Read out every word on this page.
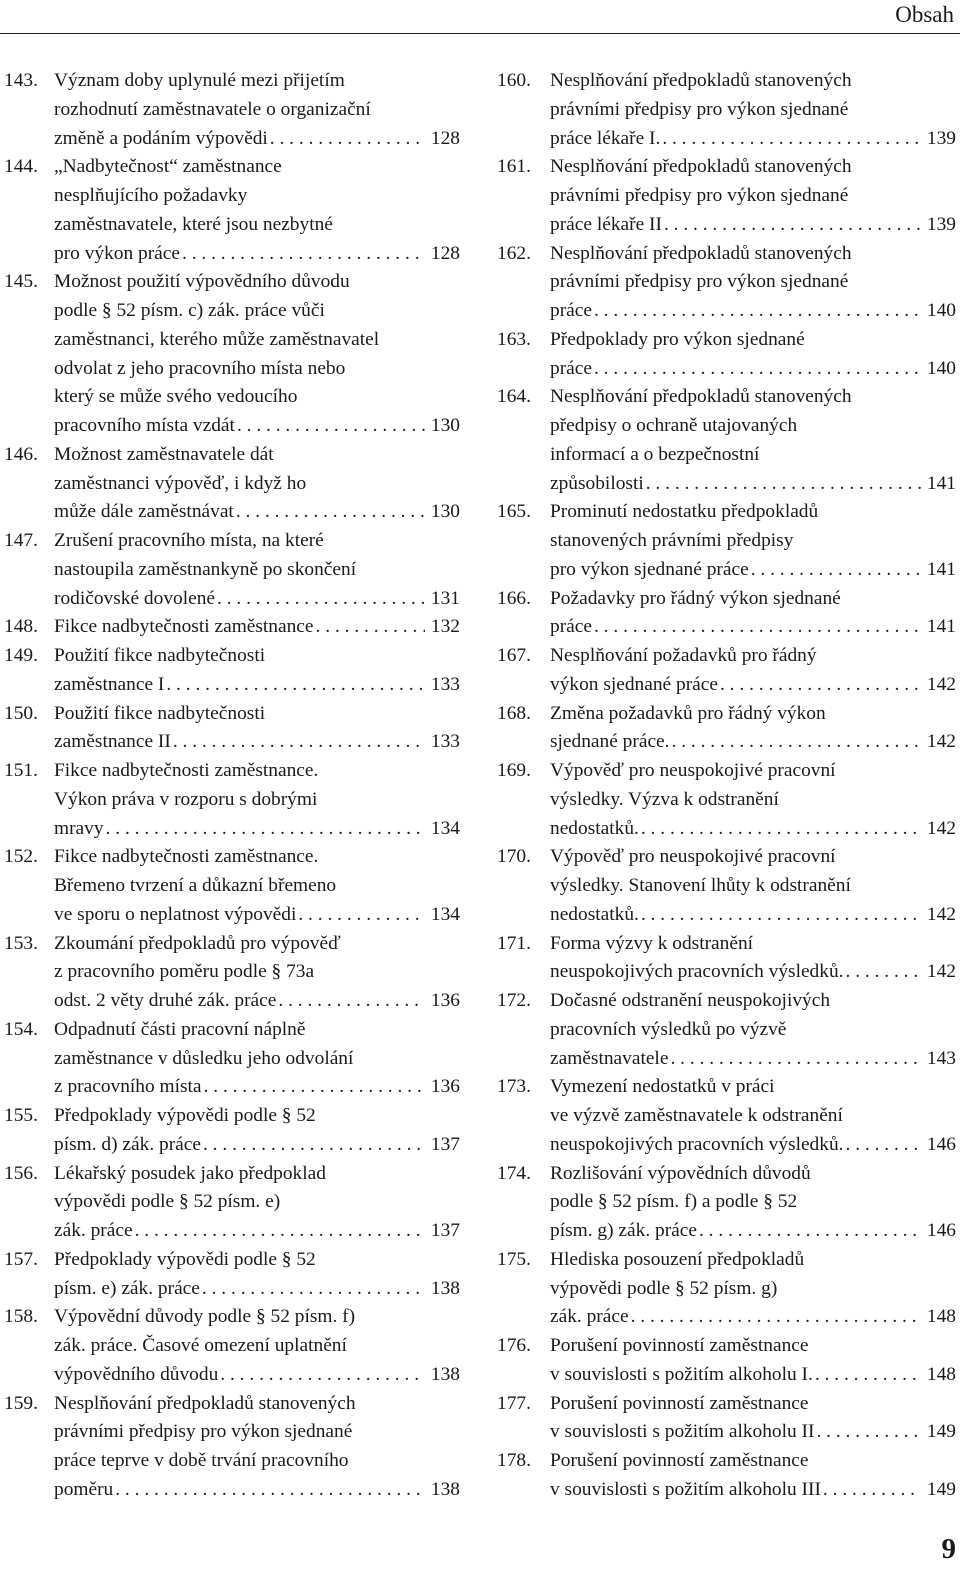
Obsah
143. Význam doby uplynulé mezi přijetím
rozhodnutí zaměstnavatele o organizační
změně a podáním výpovědi . . .	128
144. „Nadbytečnost“ zaměstnance
nesplňujícího požadavky
zaměstnavatele, které jsou nezbytné
pro výkon práce . . .	128
145. Možnost použití výpovědního důvodu
podle § 52 písm. c) zák. práce vůči
zaměstnanci, kterého může zaměstnavatel
odvolat z jeho pracovního místa nebo
který se může svého vedoucího
pracovního místa vzdát . . .	130
146. Možnost zaměstnavatele dát
zaměstnanci výpověď, i když ho
může dále zaměstnávat . . .	130
147. Zrušení pracovního místa, na které
nastoupila zaměstnankyně po skončení
rodičovské dovolené . . .	131
148. Fikce nadbytečnosti zaměstnance . . .	132
149. Použití fikce nadbytečnosti
zaměstnance I . . .	133
150. Použití fikce nadbytečnosti
zaměstnance II . . .	133
151. Fikce nadbytečnosti zaměstnance.
Výkon práva v rozporu s dobrými
mravy . . .	134
152. Fikce nadbytečnosti zaměstnance.
Břemeno tvrzení a důkazní břemeno
ve sporu o neplatnost výpovědi . . .	134
153. Zkoumání předpokladů pro výpověď
z pracovního poměru podle § 73a
odst. 2 věty druhé zák. práce . . .	136
154. Odpadnutí části pracovní náplně
zaměstnance v důsledku jeho odvolání
z pracovního místa . . .	136
155. Předpoklady výpovědi podle § 52
písm. d) zák. práce . . .	137
156. Lékařský posudek jako předpoklad
výpovědi podle § 52 písm. e)
zák. práce . . .	137
157. Předpoklady výpovědi podle § 52
písm. e) zák. práce . . .	138
158. Výpovědní důvody podle § 52 písm. f)
zák. práce. Časové omezení uplatnění
výpovědního důvodu . . .	138
159. Nesplňování předpokladů stanovených
právními předpisy pro výkon sjednané
práce teprve v době trvání pracovního
poměru . . .	138
160. Nesplňování předpokladů stanovených
právními předpisy pro výkon sjednané
práce lékaře I. . . .	139
161. Nesplňování předpokladů stanovených
právními předpisy pro výkon sjednané
práce lékaře II . . .	139
162. Nesplňování předpokladů stanovených
právními předpisy pro výkon sjednané
práce . . .	140
163. Předpoklady pro výkon sjednané
práce . . .	140
164. Nesplňování předpokladů stanovených
předpisy o ochraně utajovaných
informací a o bezpečnostní
způsobilosti . . .	141
165. Prominutí nedostatku předpokladů
stanovených právními předpisy
pro výkon sjednané práce . . .	141
166. Požadavky pro řádný výkon sjednané
práce . . .	141
167. Nesplňování požadavků pro řádný
výkon sjednané práce . . .	142
168. Změna požadavků pro řádný výkon
sjednané práce. . . .	142
169. Výpověď pro neuspokojivé pracovní
výsledky. Výzva k odstranění
nedostatků. . . .	142
170. Výpověď pro neuspokojivé pracovní
výsledky. Stanovení lhůty k odstranění
nedostatků. . . .	142
171. Forma výzvy k odstranění
neuspokojivých pracovních výsledků. . . .	142
172. Dočasné odstranění neuspokojivých
pracovních výsledků po výzvě
zaměstnavatele . . .	143
173. Vymezení nedostatků v práci
ve výzvě zaměstnavatele k odstranění
neuspokojivých pracovních výsledků. . . .	146
174. Rozlišování výpovědních důvodů
podle § 52 písm. f) a podle § 52
písm. g) zák. práce . . .	146
175. Hlediska posouzení předpokladů
výpovědi podle § 52 písm. g)
zák. práce . . .	148
176. Porušení povinností zaměstnance
v souvislosti s požitím alkoholu I. . . .	148
177. Porušení povinností zaměstnance
v souvislosti s požitím alkoholu II . . .	149
178. Porušení povinností zaměstnance
v souvislosti s požitím alkoholu III . . .	149
9
